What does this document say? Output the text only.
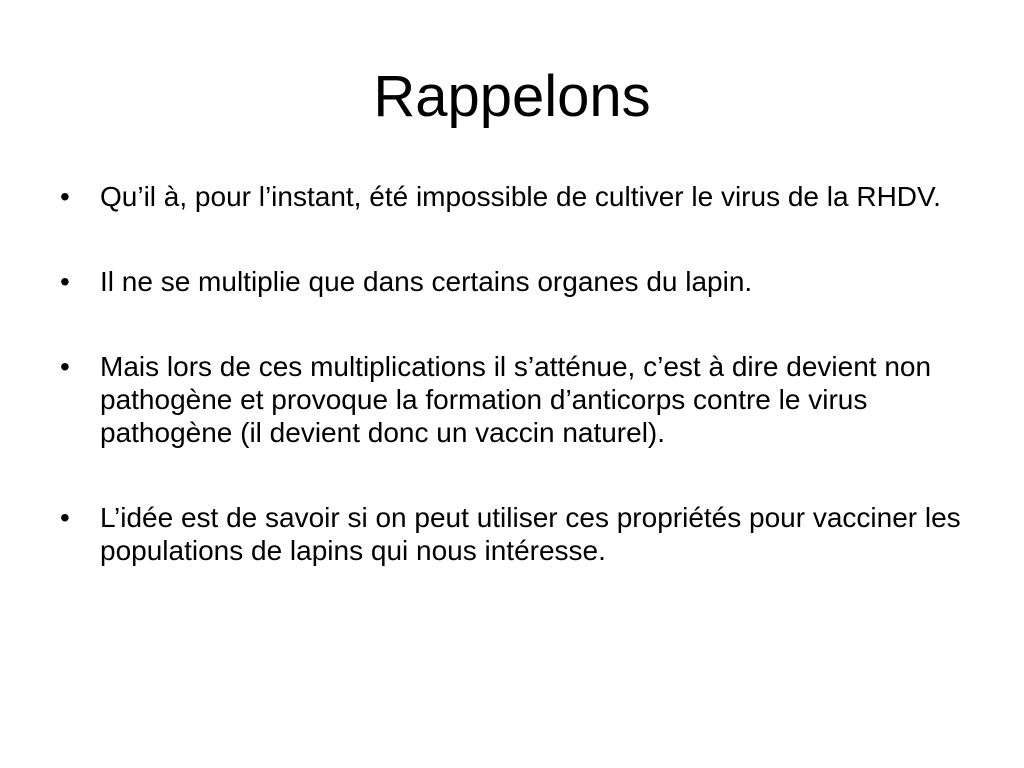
Rappelons
•	Qu’il à, pour l’instant, été impossible de cultiver le virus de la RHDV.
•	Il ne se multiplie que dans certains organes du lapin.
•	Mais lors de ces multiplications il s’atténue, c’est à dire devient non pathogène et provoque la formation d’anticorps contre le virus pathogène (il devient donc un vaccin naturel).
•	L’idée est de savoir si on peut utiliser ces propriétés pour vacciner les populations de lapins qui nous intéresse.
